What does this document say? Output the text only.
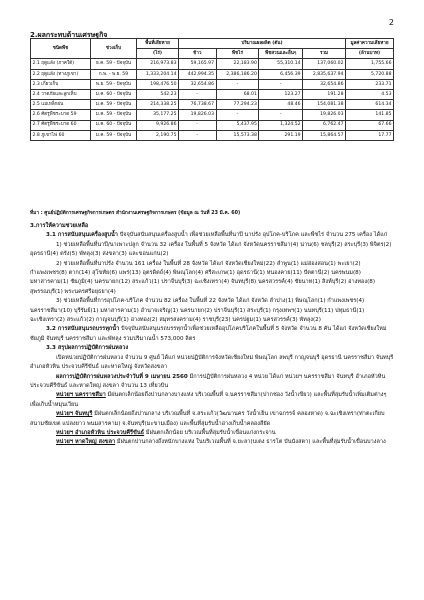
2
2.ผลกระทบด้านเศรษฐกิจ
ชนิดพืช	ช่วงเก็บ	พื้นที่เสียหาย	ปริมาณผลผลิต (ตัน)				มูลค่าความเสียหาย
		(ไร่)	ข้าว	พืชไร่	พืชสวนและอื่นๆ	รวม	(ล้านบาท)
2.1 ฤดูแล้ง (ภาคใต้)	ธ.ค. 59 - ปัจจุบัน	216,973.83	59,165.97	22,183.90	55,310.14	137,060.02	1,755.66
2.2 ฤดูแล้ง (ทางภูเขา)	ก.พ. - พ.ย. 59	1,333,204.14	442,994.35	2,386,186.20	6,456.39	2,835,637.94	5,720.88
2.3 เกี่ยวเก็บ	พ.ย. 59 - ปัจจุบัน	198,476.50	32,654.86	-	-	32,654.86	233.71
2.4 วาตภัยและลูกเห็บ	ม.ค. 60 - ปัจจุบัน	542.23	-	68.01	123.27	191.28	4.53
2.5 แม่เหล็กฝน	ม.ค. 59 - ปัจจุบัน	214,338.25	76,738.67	77,294.23	48.46	154,081.38	614.34
2.6 ศัตรูพืชระบาด 59	ม.ค. 59 - ปัจจุบัน	35,177.25	19,826.03	-	-	19,826.03	141.85
2.7 ศัตรูพืชระบาด 60	ม.ค. 60 - ปัจจุบัน	9,926.86	-	5,437.95	1,324.52	6,762.47	67.66
2.8 ภูเขาไฟ 60	ม.ค. 59 - ปัจจุบัน	2,190.75	-	15,573.38	291.19	15,864.57	17.77
ที่มา : ศูนย์ปฏิบัติการเศรษฐกิจการเกษตร สำนักงานเศรษฐกิจการเกษตร (ข้อมูล ณ วันที่ 23 มี.ค. 60)

3.การให้ความช่วยเหลือ

3.1 การสนับสนุนเครื่องสูบน้ำ ปัจจุบันสนับสนุนเครื่องสูบน้ำ เพื่อช่วยเหลือพื้นที่นาปี นาปรัง อุปโภค-บริโภค และพืชไร่ จำนวน 275 เครื่อง ได้แก่

1) ช่วยเหลือพื้นที่นาปี/นาเพาะปลูก จำนวน 32 เครื่อง ในพื้นที่ 5 จังหวัด ได้แก่ จังหวัดนครราชสีมา(4) น่าน(6) ชลบุรี(2) สระบุรี(3) พิจิตร(2) อุดรธานี(4) ตรัง(5) พัทลุง(3) สงขลา(3) และขอนแก่น(2)

2) ช่วยเหลือพื้นที่นาปรัง จำนวน 161 เครื่อง ในพื้นที่ 28 จังหวัด ได้แก่ จังหวัดเชียงใหม่(22) ลำพูน(1) แม่ฮ่องสอน(1) พะเยา(2) กำแพงเพชร(8) ตาก(14) สุโขทัย(6) แพร่(13) อุตรดิตถ์(4) พิษณุโลก(4) ศรีสะเกษ(1) อุดรธานี(1) หนองคาย(11) ปัตตานี(2) นครพนม(8) มหาสารคาม(1) ชัยภูมิ(4) นครนายก(12) สระแก้ว(1) ปราจีนบุรี(3) ฉะเชิงเทรา(4) จันทบุรี(8) นครสวรรค์(4) ชัยนาท(1) สิงห์บุรี(2) อ่างทอง(8) สุพรรณบุรี(1) พระนครศรีอยุธยา(4)

3) ช่วยเหลือพื้นที่การอุปโภค-บริโภค จำนวน 82 เครื่อง ในพื้นที่ 22 จังหวัด ได้แก่ จังหวัด ลำปาง(1) พิษณุโลก(1) กำแพงเพชร(4) นครราชสีมา(10) บุรีรัมย์(1) มหาสารคาม(1) อำนาจเจริญ(1) นครนายก(2) ปราจีนบุรี(1) สระบุรี(1) กรุงเทพฯ(1) นนทบุรี(11) ปทุมธานี(1) ฉะเชิงเทรา(2) สระแก้ว(2) กาญจนบุรี(1) อ่างทอง(2) สมุทรสงคราม(4) ราชบุรี(23) นครปฐม(1) นครสวรรค์(3) พัทลุง(2)

3.2 การสนับสนุนรถบรรทุกน้ำ ปัจจุบันสนับสนุนรถบรรทุกน้ำเพื่อช่วยเหลืออุปโภคบริโภคในพื้นที่ 5 จังหวัด จำนวน 8 คัน ได้แก่ จังหวัดเชียงใหม่ ชัยภูมิ จันทบุรี นครราชสีมา และพัทลุง รวมปริมาณน้ำ 573,000 ลิตร

3.3 สรุปผลการปฏิบัติการฝนหลวง

เปิดหน่วยปฏิบัติการฝนหลวง จำนวน 9 ศูนย์ ได้แก่ หน่วยปฏิบัติการจังหวัดเชียงใหม่ พิษณุโลก ลพบุรี กาญจนบุรี อุดรธานี นครราชสีมา จันทบุรี อำเภอหัวหิน ประจวบคีรีขันธ์ และหาดใหญ่ จังหวัดสงขลา

ผลการปฏิบัติการฝนหลวงประจำวันที่ 9 เมษายน 2560 มีการปฏิบัติการฝนหลวง 4 หน่วย ได้แก่ หน่วยฯ นครราชสีมา จันทบุรี อำเภอหัวหิน ประจวบคีรีขันธ์ และหาดใหญ่ สงขลา จำนวน 13 เที่ยวบิน

หน่วยฯ นครราชสีมา มีฝนตกเล็กน้อยถึงปานกลางบางแห่ง บริเวณพื้นที่ จ.นครราชสีมา(ปากช่อง วังน้ำเขียว) และพื้นที่ลุ่มรับน้ำเพิ่มเติมต่างๆ เพื่อเก็บน้ำหมุนเวียน

หน่วยฯ จันทบุรี มีฝนตกเล็กน้อยถึงปานกลาง บริเวณพื้นที่ จ.สระแก้ว(วัฒนานคร วังน้ำเย็น เขาฉกรรจ์ คลองหาด) จ.ฉะเชิงเทรา(ท่าตะเกียบ สนามชัยเขต แปลงยาว พนมสารคาม) จ.จันทบุรี(มะขามเมือง) และพื้นที่ลุ่มรับน้ำอ่างเก็บน้ำคลองสียัด

หน่วยฯ อำเภอหัวหิน ประจวบคีรีขันธ์ มีฝนตกเล็กน้อย บริเวณพื้นที่ลุ่มรับน้ำเขื่อนแก่งกระจาน

หน่วยฯ หาดใหญ่ สงขลา มีฝนตกปานกลางถึงหนักบางแห่ง ในบริเวณพื้นที่ จ.ยะลา(บเตง ธารโต บันนังสตา) และพื้นที่ลุ่มรับน้ำเขื่อนบางลาง
